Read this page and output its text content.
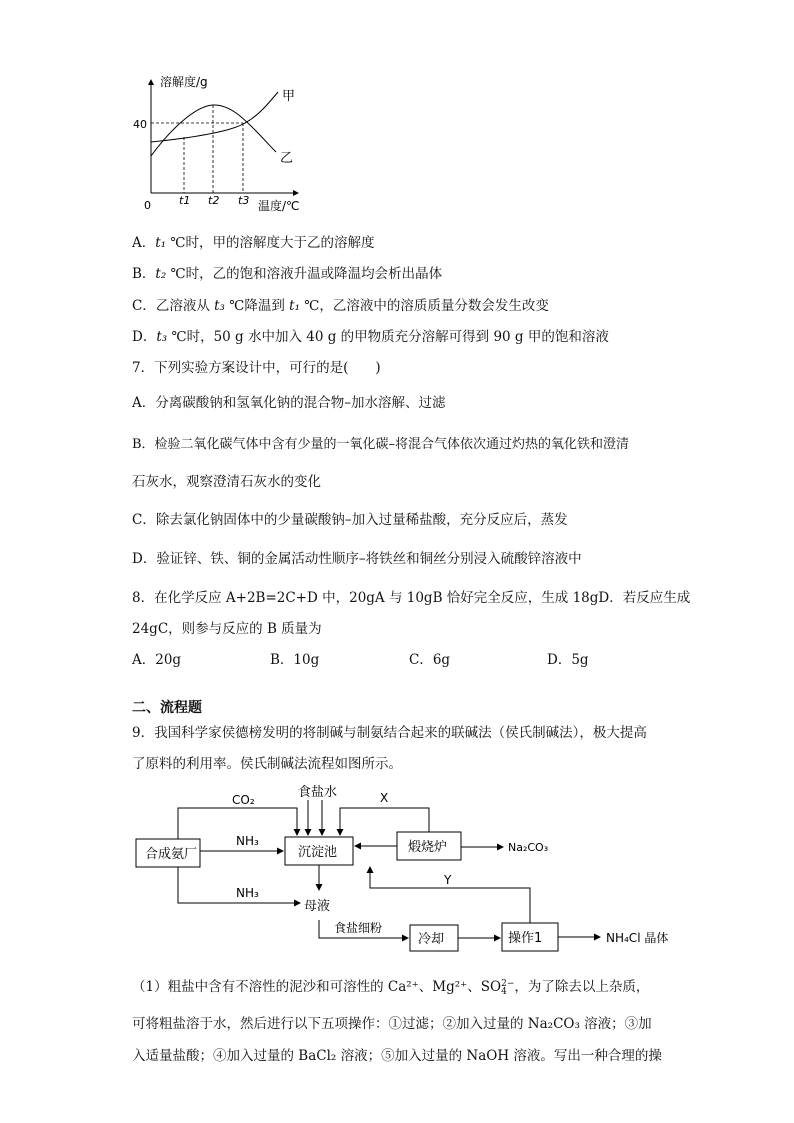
溶解度/g
温度/℃
0
40
甲
乙
t1 t2 t3
A．t₁ ℃时，甲的溶解度大于乙的溶解度
B．t₂ ℃时，乙的饱和溶液升温或降温均会析出晶体
C．乙溶液从 t₃ ℃降温到 t₁ ℃，乙溶液中的溶质质量分数会发生改变
D．t₃ ℃时，50 g 水中加入 40 g 的甲物质充分溶解可得到 90 g 甲的饱和溶液
7．下列实验方案设计中，可行的是(　　)
A．分离碳酸钠和氢氧化钠的混合物–加水溶解、过滤
B．检验二氧化碳气体中含有少量的一氧化碳–将混合气体依次通过灼热的氧化铁和澄清
石灰水，观察澄清石灰水的变化
C．除去氯化钠固体中的少量碳酸钠–加入过量稀盐酸，充分反应后，蒸发
D．验证锌、铁、铜的金属活动性顺序–将铁丝和铜丝分别浸入硫酸锌溶液中
8．在化学反应 A+2B=2C+D 中，20gA 与 10gB 恰好完全反应，生成 18gD．若反应生成
24gC，则参与反应的 B 质量为
A．20g	B．10g	C．6g	D．5g
二、流程题
9．我国科学家侯德榜发明的将制碱与制氨结合起来的联碱法（侯氏制碱法），极大提高
了原料的利用率。侯氏制碱法流程如图所示。
CO₂	食盐水	X
NH₃
合成氨厂	沉淀池	煅烧炉	Na₂CO₃
Y
NH₃
母液
食盐细粉
冷却	操作1	NH₄Cl 晶体
（1）粗盐中含有不溶性的泥沙和可溶性的 Ca²⁺、Mg²⁺、SO 2−
4 ，为了除去以上杂质，
可将粗盐溶于水，然后进行以下五项操作：①过滤；②加入过量的 Na₂CO₃ 溶液；③加
入适量盐酸；④加入过量的 BaCl₂ 溶液；⑤加入过量的 NaOH 溶液。写出一种合理的操
